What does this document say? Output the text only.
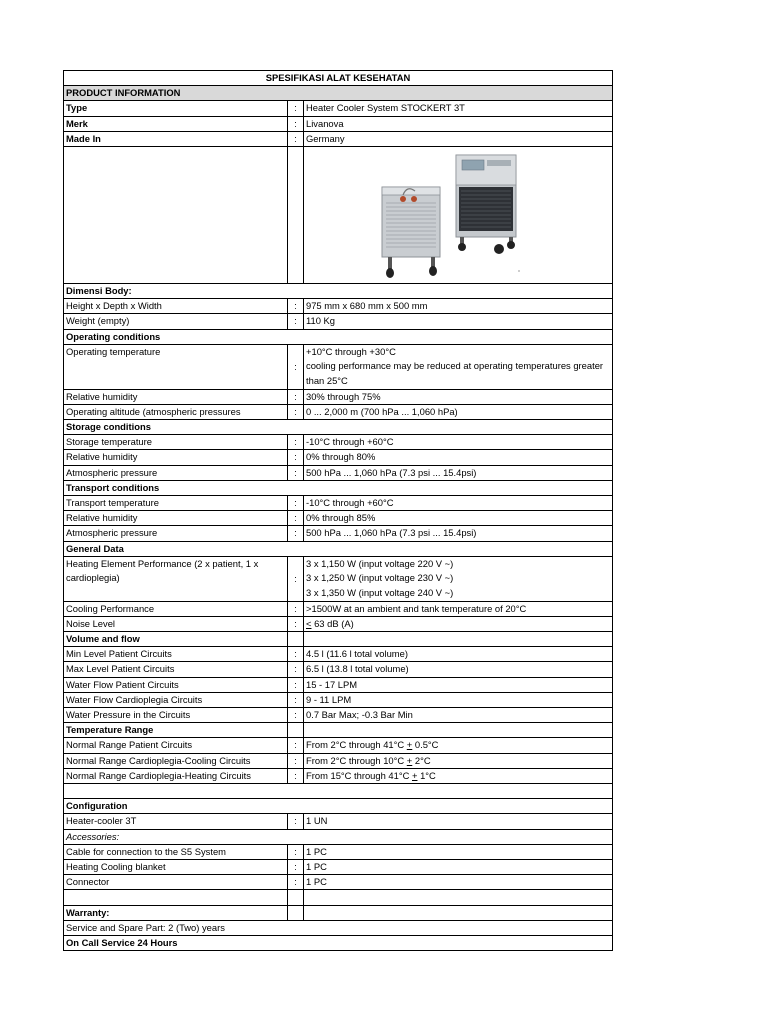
SPESIFIKASI ALAT KESEHATAN		
PRODUCT INFORMATION		
Type	:	Heater Cooler System STOCKERT 3T
Merk	:	Livanova
Made In	:	Germany

Dimensi Body:		
Height x Depth x Width	:	975 mm x 680 mm x 500 mm
Weight (empty)	:	110 Kg
Operating conditions		
Operating temperature	:	+10°C through +30°C
cooling performance may be reduced at operating temperatures greater than 25°C

Relative humidity	:	30% through 75%
Operating altitude (atmospheric pressures	:	0 ... 2,000 m (700 hPa ... 1,060 hPa)
Storage conditions		
Storage temperature	:	-10°C through +60°C
Relative humidity	:	0% through 80%
Atmospheric pressure	:	500 hPa ... 1,060 hPa (7.3 psi ... 15.4psi)
Transport conditions		
Transport temperature	:	-10°C through +60°C
Relative humidity	:	0% through 85%
Atmospheric pressure	:	500 hPa ... 1,060 hPa (7.3 psi ... 15.4psi)
General Data		
Heating Element Performance (2 x patient, 1 x cardioplegia)	:	3 x 1,150 W (input voltage 220 V ~)
3 x 1,250 W (input voltage 230 V ~)
3 x 1,350 W (input voltage 240 V ~)

Cooling Performance	:	>1500W at an ambient and tank temperature of 20°C
Noise Level	:	< 63 dB (A)
Volume and flow		
Min Level Patient Circuits	:	4.5 l (11.6 l total volume)
Max Level Patient Circuits	:	6.5 l (13.8 l total volume)
Water Flow Patient Circuits	:	15 - 17 LPM
Water Flow Cardioplegia Circuits	:	9 - 11 LPM
Water Pressure in the Circuits	:	0.7 Bar Max; -0.3 Bar Min
Temperature Range		
Normal Range Patient Circuits	:	From 2°C through 41°C + 0.5°C
Normal Range Cardioplegia-Cooling Circuits	:	From 2°C through 10°C + 2°C
Normal Range Cardioplegia-Heating Circuits	:	From 15°C through 41°C + 1°C

Configuration		
Heater-cooler 3T	:	1 UN
Accessories:		
Cable for connection to the S5 System	:	1 PC
Heating Cooling blanket	:	1 PC
Connector	:	1 PC

Warranty:		
Service and Spare Part: 2 (Two) years		
On Call Service 24 Hours		
